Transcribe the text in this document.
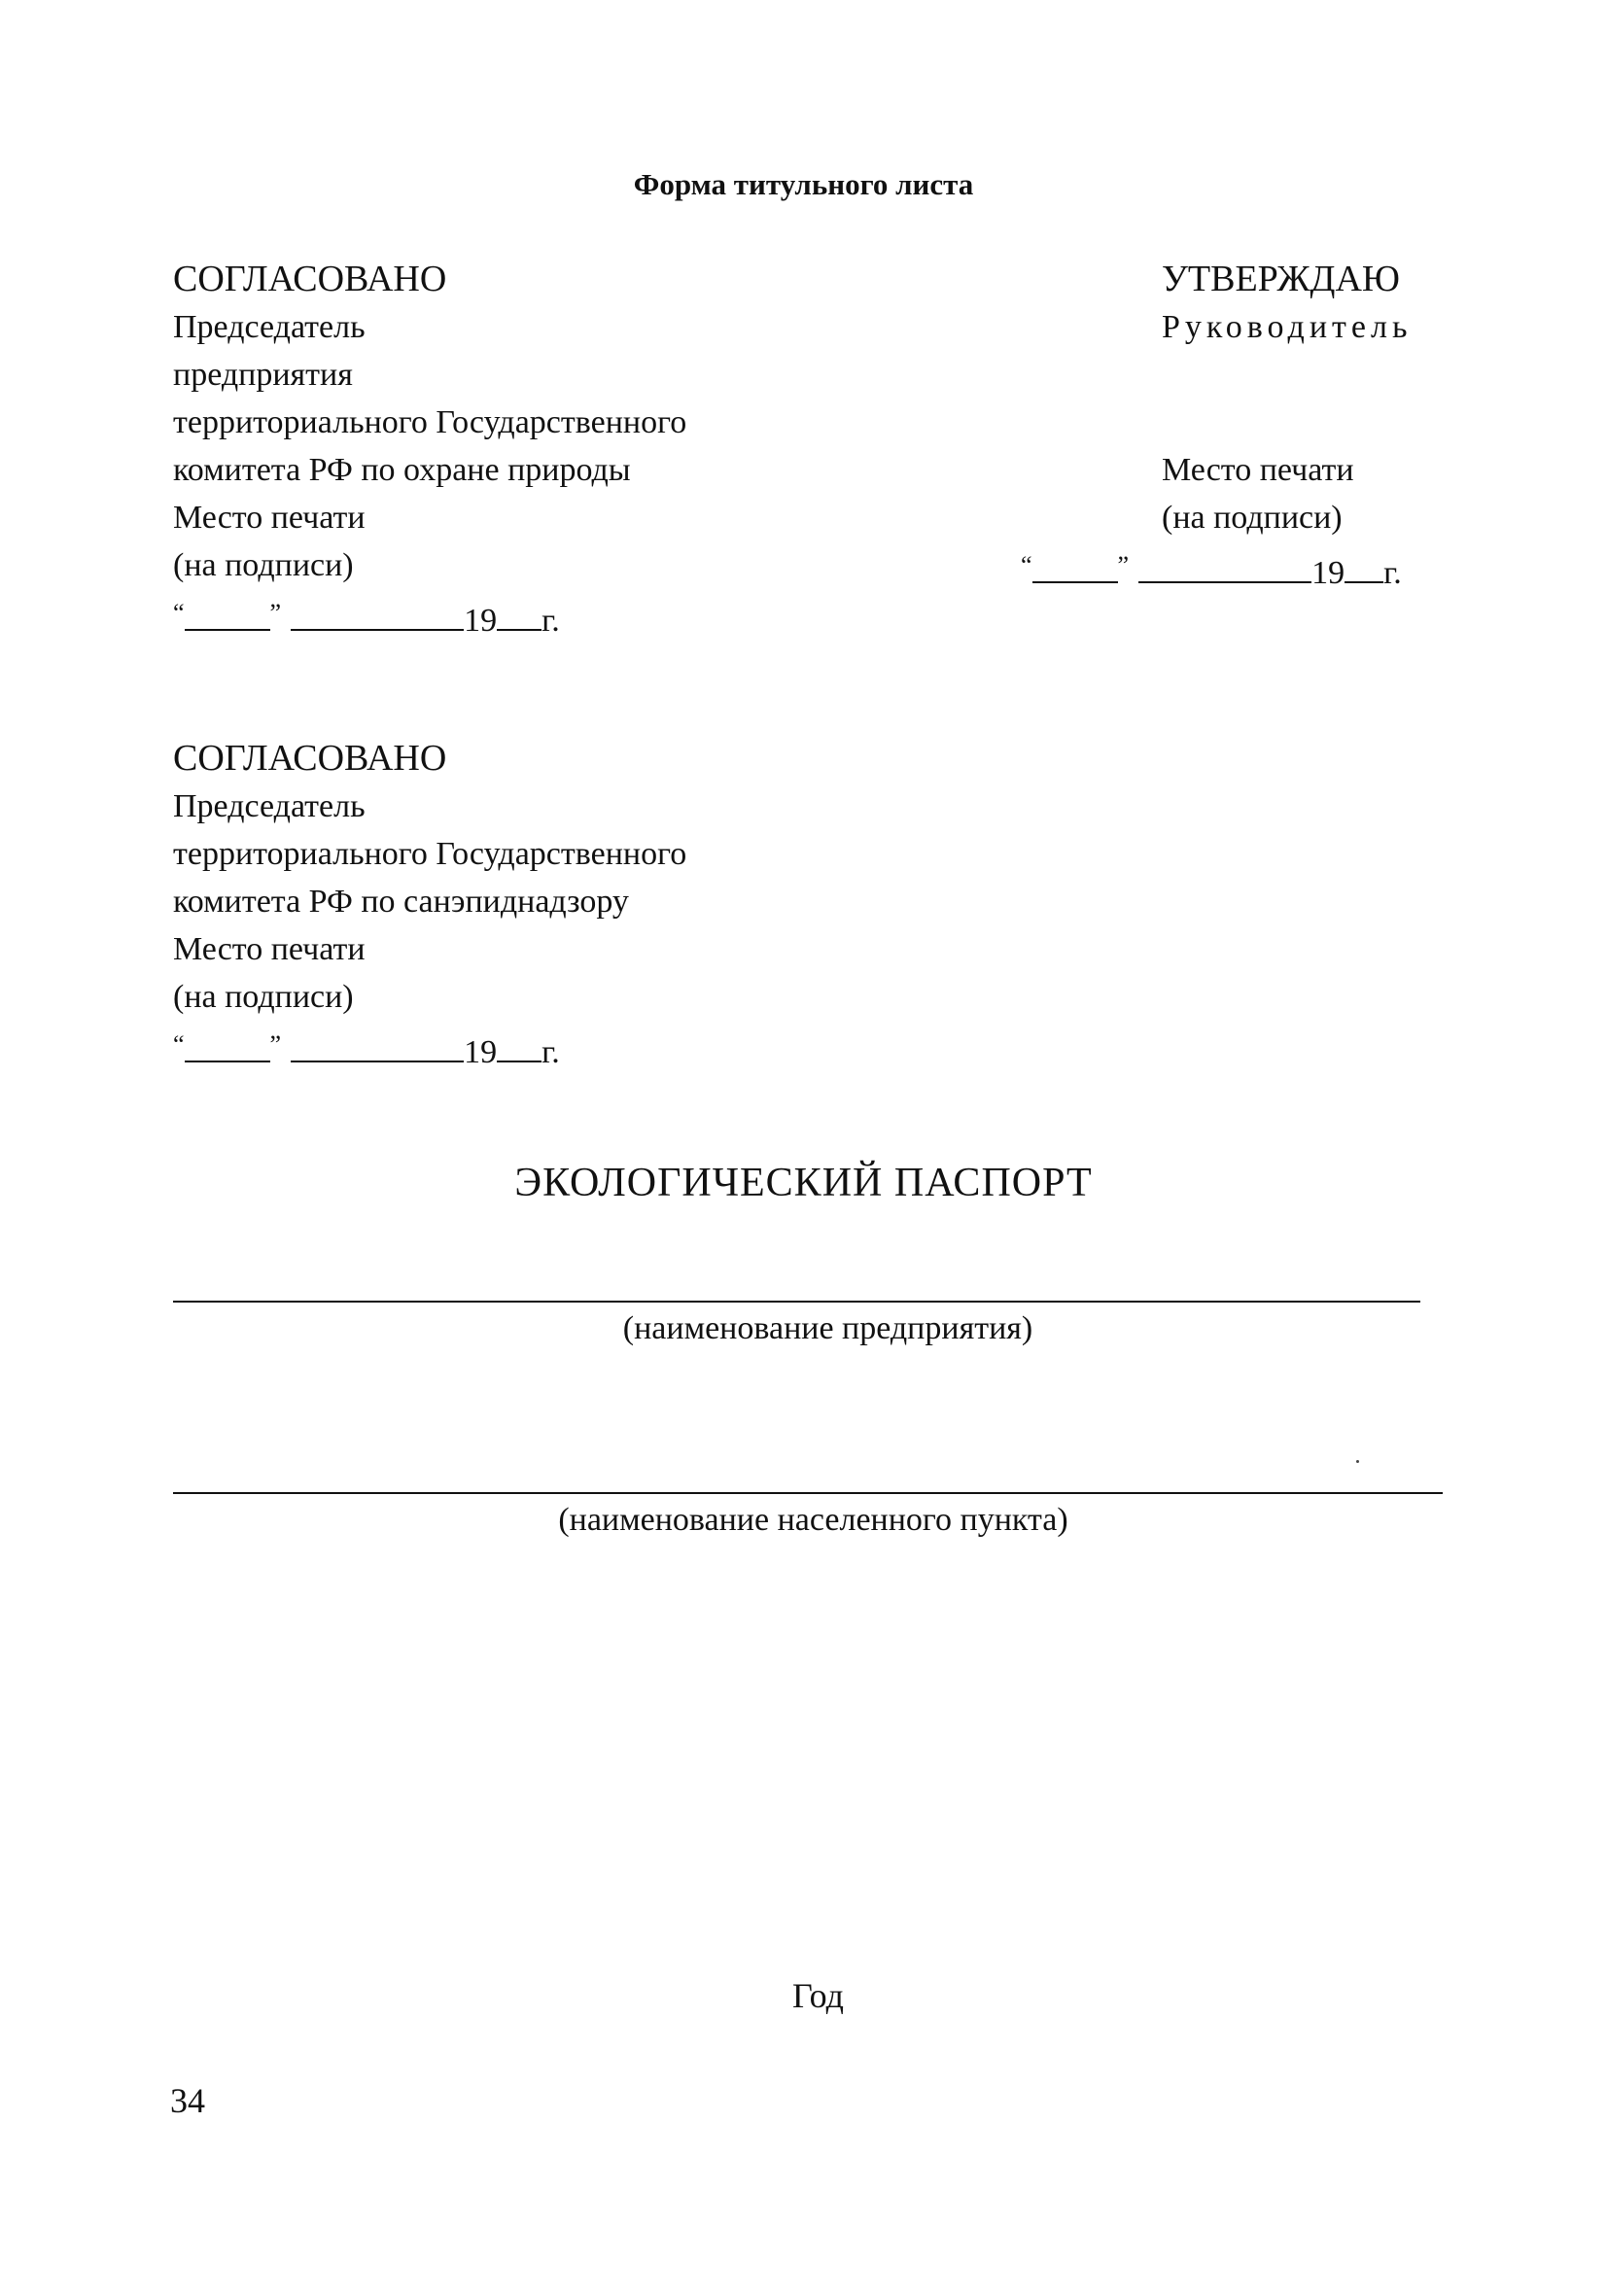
Форма титульного листа
СОГЛАСОВАНО
Председатель
предприятия
территориального Государственного
комитета РФ по охране природы
Место печати
(на подписи)
“	”	19 г.
УТВЕРЖДАЮ
Руководитель
Место печати
(на подписи)
“	”	19 г.
СОГЛАСОВАНО
Председатель
территориального Государственного
комитета РФ по санэпиднадзору
Место печати
(на подписи)
“	”	19 г.
ЭКОЛОГИЧЕСКИЙ ПАСПОРТ
(наименование предприятия)
(наименование населенного пункта)
Год
34
